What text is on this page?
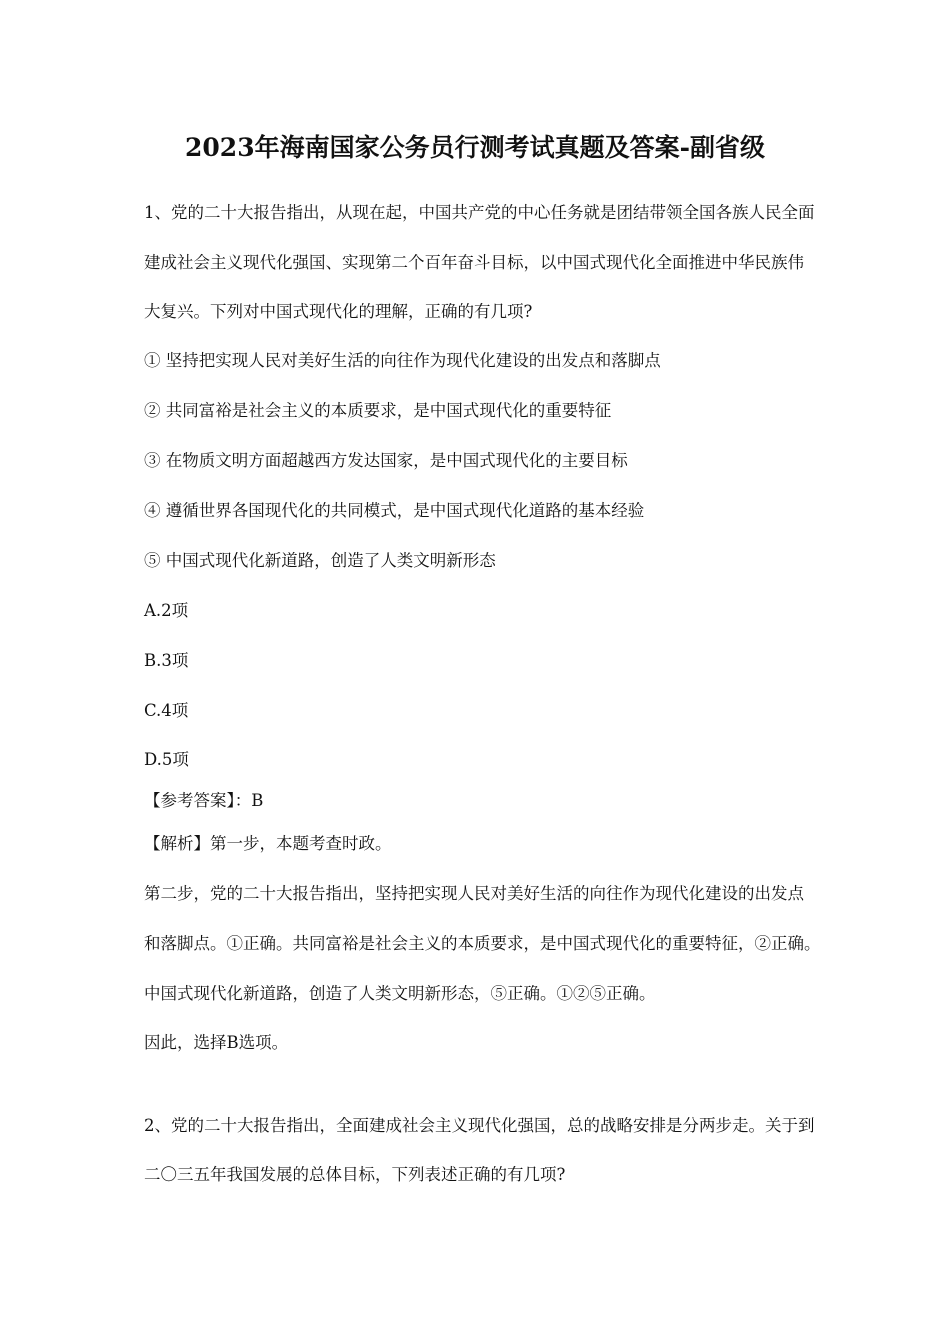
2023年海南国家公务员行测考试真题及答案-副省级
1、党的二十大报告指出，从现在起，中国共产党的中心任务就是团结带领全国各族人民全面
建成社会主义现代化强国、实现第二个百年奋斗目标，以中国式现代化全面推进中华民族伟
大复兴。下列对中国式现代化的理解，正确的有几项?
① 坚持把实现人民对美好生活的向往作为现代化建设的出发点和落脚点
② 共同富裕是社会主义的本质要求，是中国式现代化的重要特征
③ 在物质文明方面超越西方发达国家，是中国式现代化的主要目标
④ 遵循世界各国现代化的共同模式，是中国式现代化道路的基本经验
⑤ 中国式现代化新道路，创造了人类文明新形态
A.2项
B.3项
C.4项
D.5项
【参考答案】：B
【解析】第一步，本题考查时政。
第二步，党的二十大报告指出，坚持把实现人民对美好生活的向往作为现代化建设的出发点
和落脚点。①正确。共同富裕是社会主义的本质要求，是中国式现代化的重要特征，②正确。
中国式现代化新道路，创造了人类文明新形态，⑤正确。①②⑤正确。
因此，选择B选项。
2、党的二十大报告指出，全面建成社会主义现代化强国，总的战略安排是分两步走。关于到
二〇三五年我国发展的总体目标，下列表述正确的有几项?
